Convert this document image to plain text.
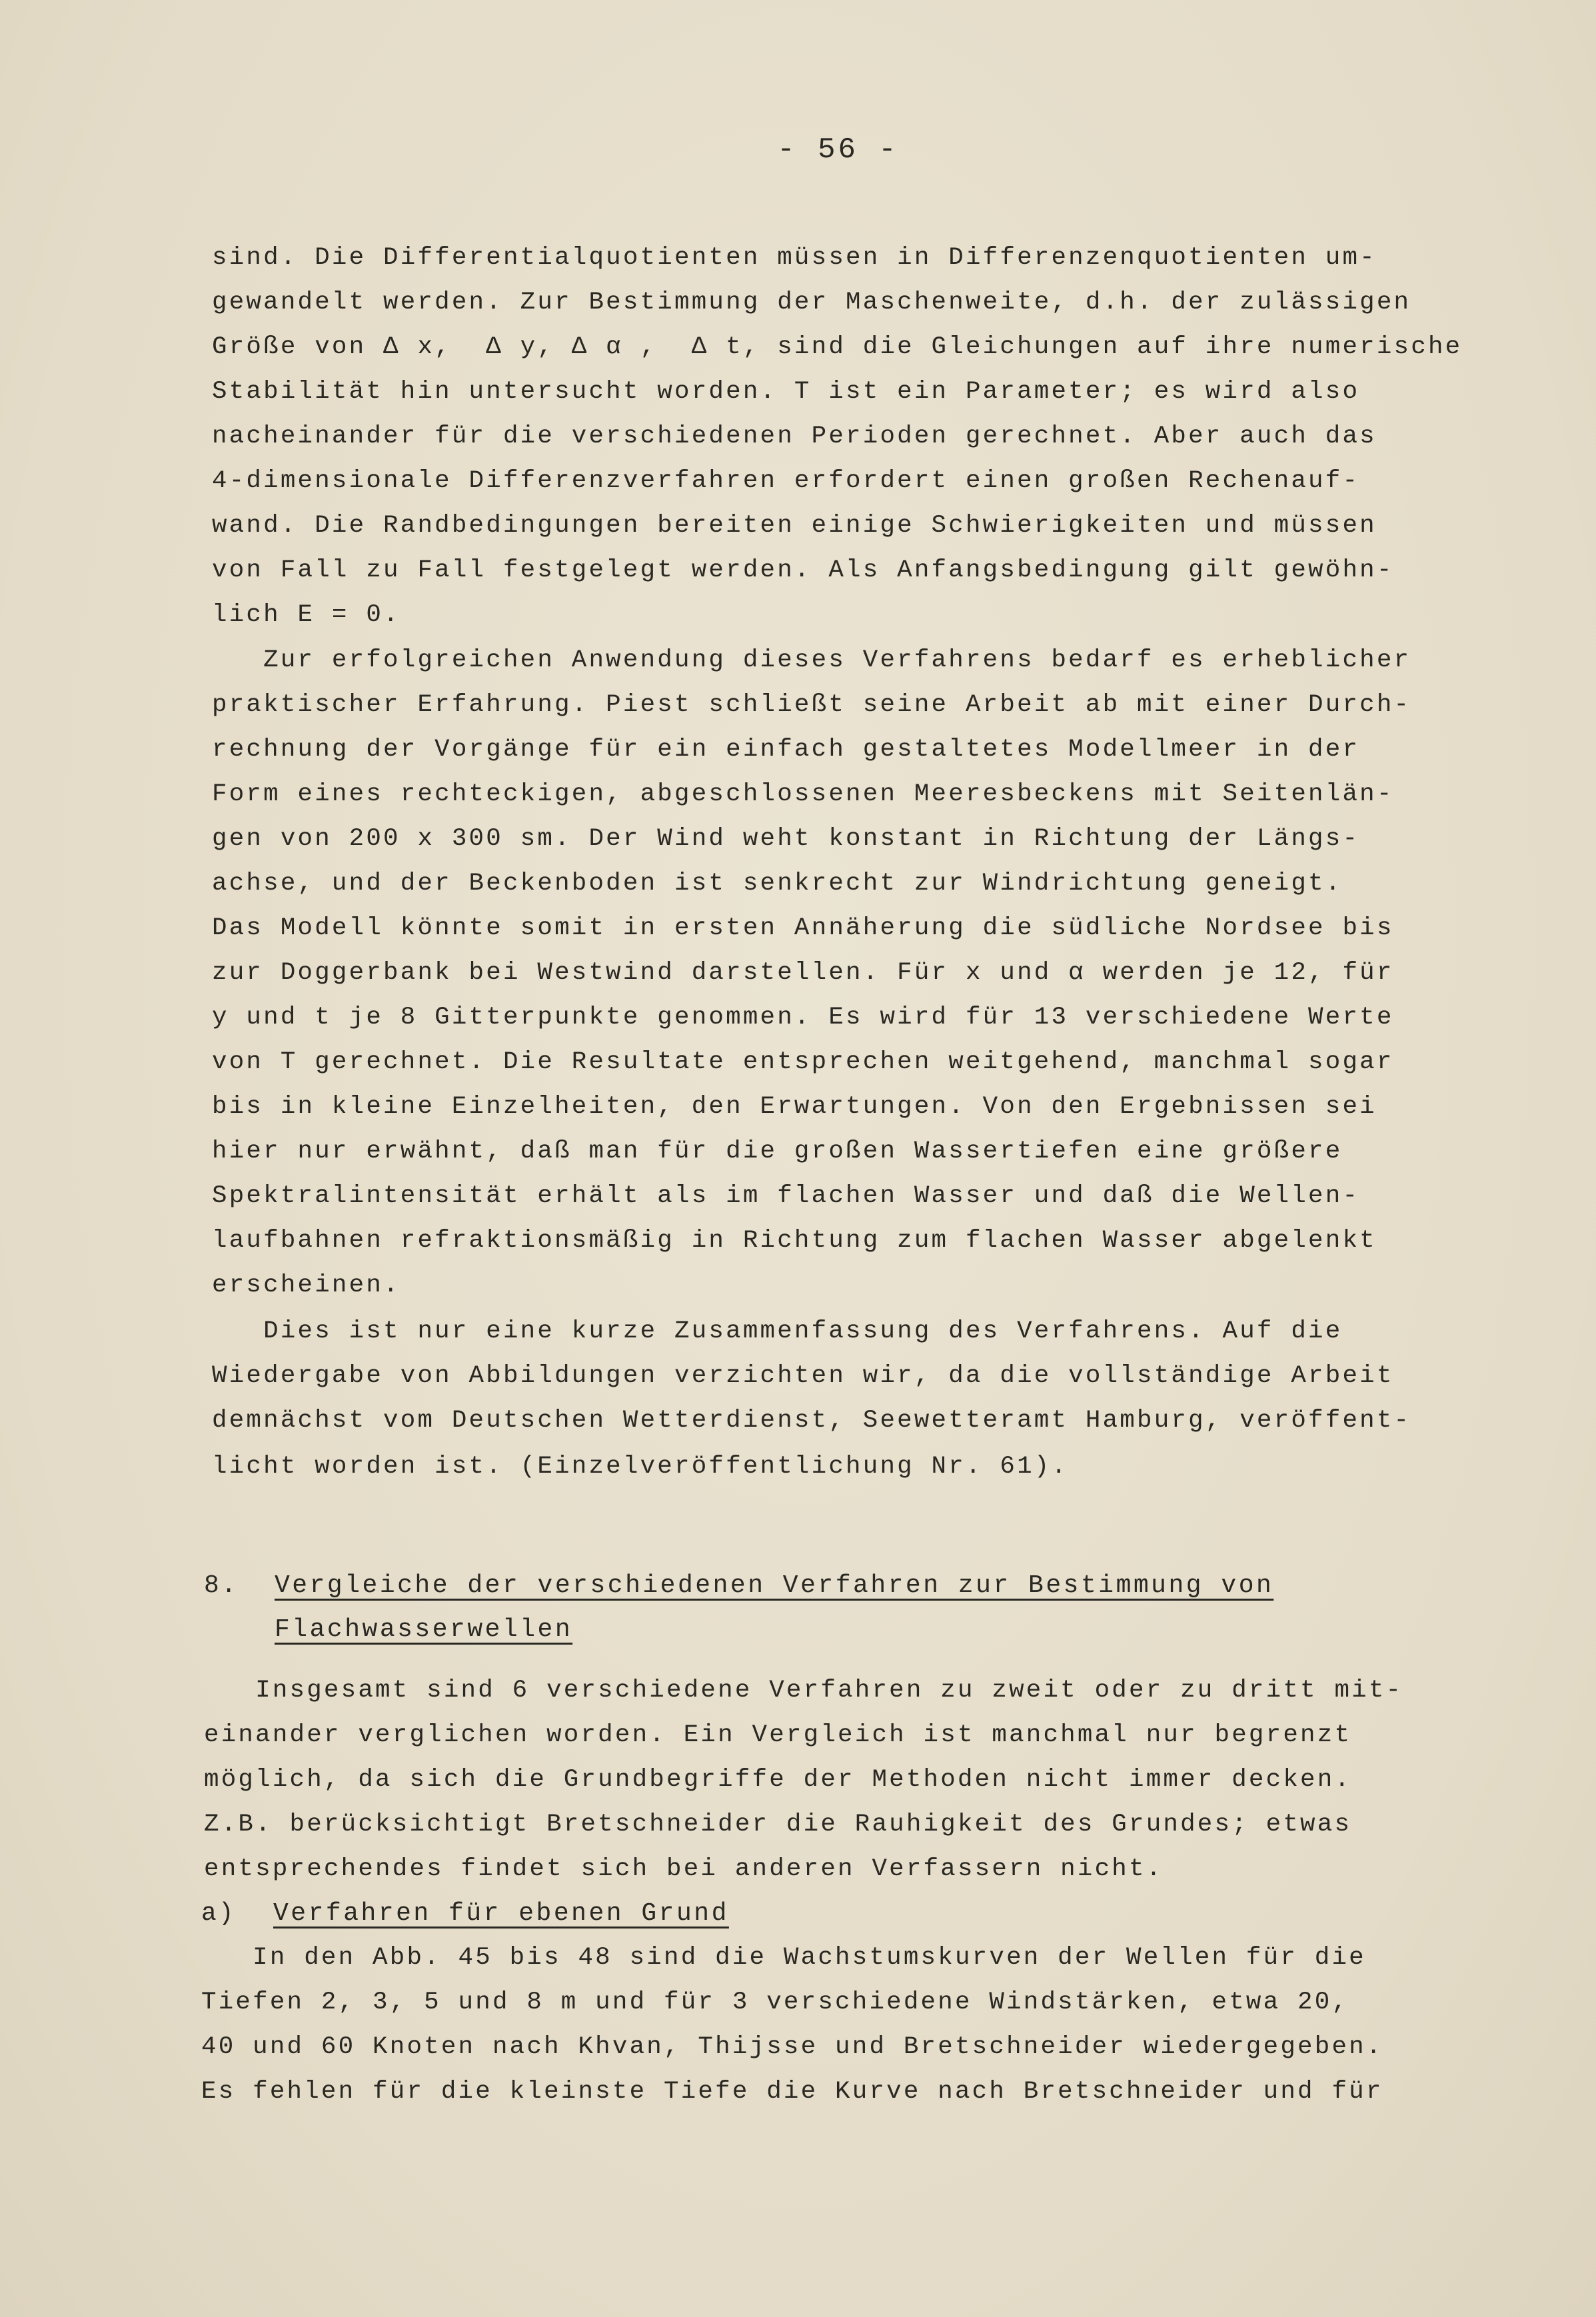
- 56 -
sind. Die Differentialquotienten müssen in Differenzenquotienten um-
gewandelt werden. Zur Bestimmung der Maschenweite, d.h. der zulässigen
Größe von Δ x,  Δ y, Δ α ,  Δ t, sind die Gleichungen auf ihre numerische
Stabilität hin untersucht worden. T ist ein Parameter; es wird also
nacheinander für die verschiedenen Perioden gerechnet. Aber auch das
4-dimensionale Differenzverfahren erfordert einen großen Rechenauf-
wand. Die Randbedingungen bereiten einige Schwierigkeiten und müssen
von Fall zu Fall festgelegt werden. Als Anfangsbedingung gilt gewöhn-
lich E = 0.
Zur erfolgreichen Anwendung dieses Verfahrens bedarf es erheblicher
praktischer Erfahrung. Piest schließt seine Arbeit ab mit einer Durch-
rechnung der Vorgänge für ein einfach gestaltetes Modellmeer in der
Form eines rechteckigen, abgeschlossenen Meeresbeckens mit Seitenlän-
gen von 200 x 300 sm. Der Wind weht konstant in Richtung der Längs-
achse, und der Beckenboden ist senkrecht zur Windrichtung geneigt.
Das Modell könnte somit in ersten Annäherung die südliche Nordsee bis
zur Doggerbank bei Westwind darstellen. Für x und α werden je 12, für
y und t je 8 Gitterpunkte genommen. Es wird für 13 verschiedene Werte
von T gerechnet. Die Resultate entsprechen weitgehend, manchmal sogar
bis in kleine Einzelheiten, den Erwartungen. Von den Ergebnissen sei
hier nur erwähnt, daß man für die großen Wassertiefen eine größere
Spektralintensität erhält als im flachen Wasser und daß die Wellen-
laufbahnen refraktionsmäßig in Richtung zum flachen Wasser abgelenkt
erscheinen.
Dies ist nur eine kurze Zusammenfassung des Verfahrens. Auf die
Wiedergabe von Abbildungen verzichten wir, da die vollständige Arbeit
demnächst vom Deutschen Wetterdienst, Seewetteramt Hamburg, veröffent-
licht worden ist. (Einzelveröffentlichung Nr. 61).
8. Vergleiche der verschiedenen Verfahren zur Bestimmung von
Flachwasserwellen
Insgesamt sind 6 verschiedene Verfahren zu zweit oder zu dritt mit-
einander verglichen worden. Ein Vergleich ist manchmal nur begrenzt
möglich, da sich die Grundbegriffe der Methoden nicht immer decken.
Z.B. berücksichtigt Bretschneider die Rauhigkeit des Grundes; etwas
entsprechendes findet sich bei anderen Verfassern nicht.
a) Verfahren für ebenen Grund
In den Abb. 45 bis 48 sind die Wachstumskurven der Wellen für die
Tiefen 2, 3, 5 und 8 m und für 3 verschiedene Windstärken, etwa 20,
40 und 60 Knoten nach Khvan, Thijsse und Bretschneider wiedergegeben.
Es fehlen für die kleinste Tiefe die Kurve nach Bretschneider und für
